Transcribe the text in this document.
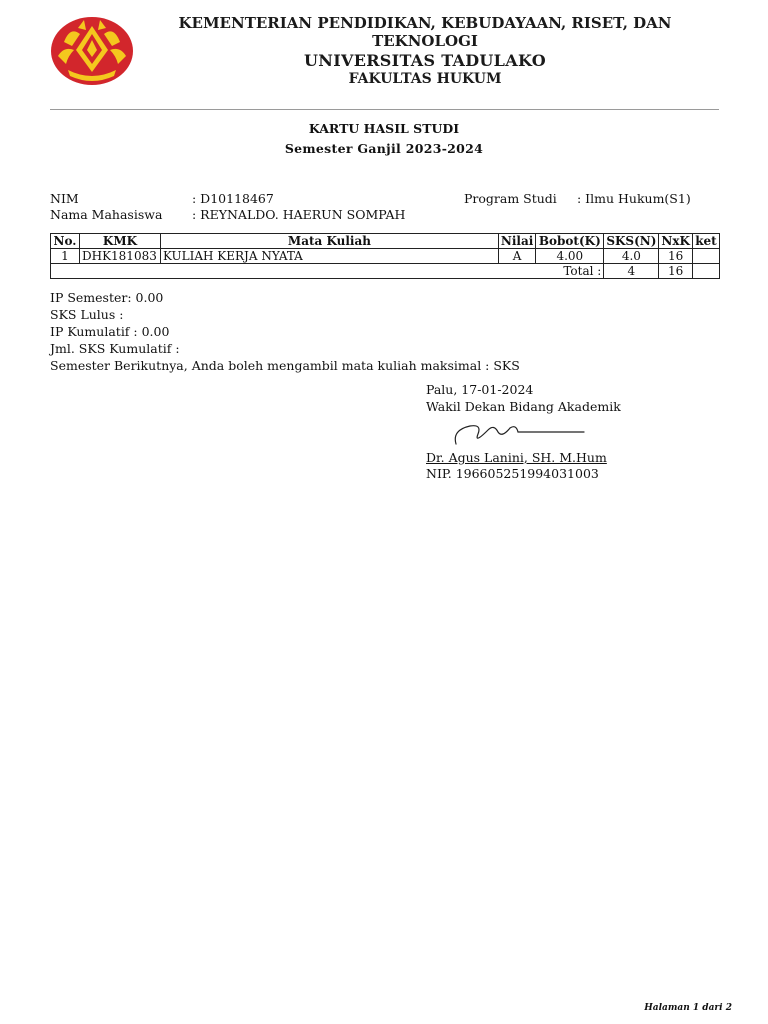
KEMENTERIAN PENDIDIKAN, KEBUDAYAAN, RISET, DAN TEKNOLOGI
UNIVERSITAS TADULAKO
FAKULTAS HUKUM
KARTU HASIL STUDI
Semester Ganjil 2023-2024
NIM	: D10118467
Nama Mahasiswa : REYNALDO. HAERUN SOMPAH
Program Studi : Ilmu Hukum(S1)
No.	KMK	Mata Kuliah	Nilai	Bobot(K)	SKS(N)	NxK	ket
1	DHK181083	KULIAH KERJA NYATA	A	4.00	4.0	16	
Total :					4	16	
IP Semester: 0.00
SKS Lulus :
IP Kumulatif : 0.00
Jml. SKS Kumulatif :
Semester Berikutnya, Anda boleh mengambil mata kuliah maksimal : SKS
Palu, 17-01-2024
Wakil Dekan Bidang Akademik
Dr. Agus Lanini, SH. M.Hum
NIP. 196605251994031003
Halaman 1 dari 2
